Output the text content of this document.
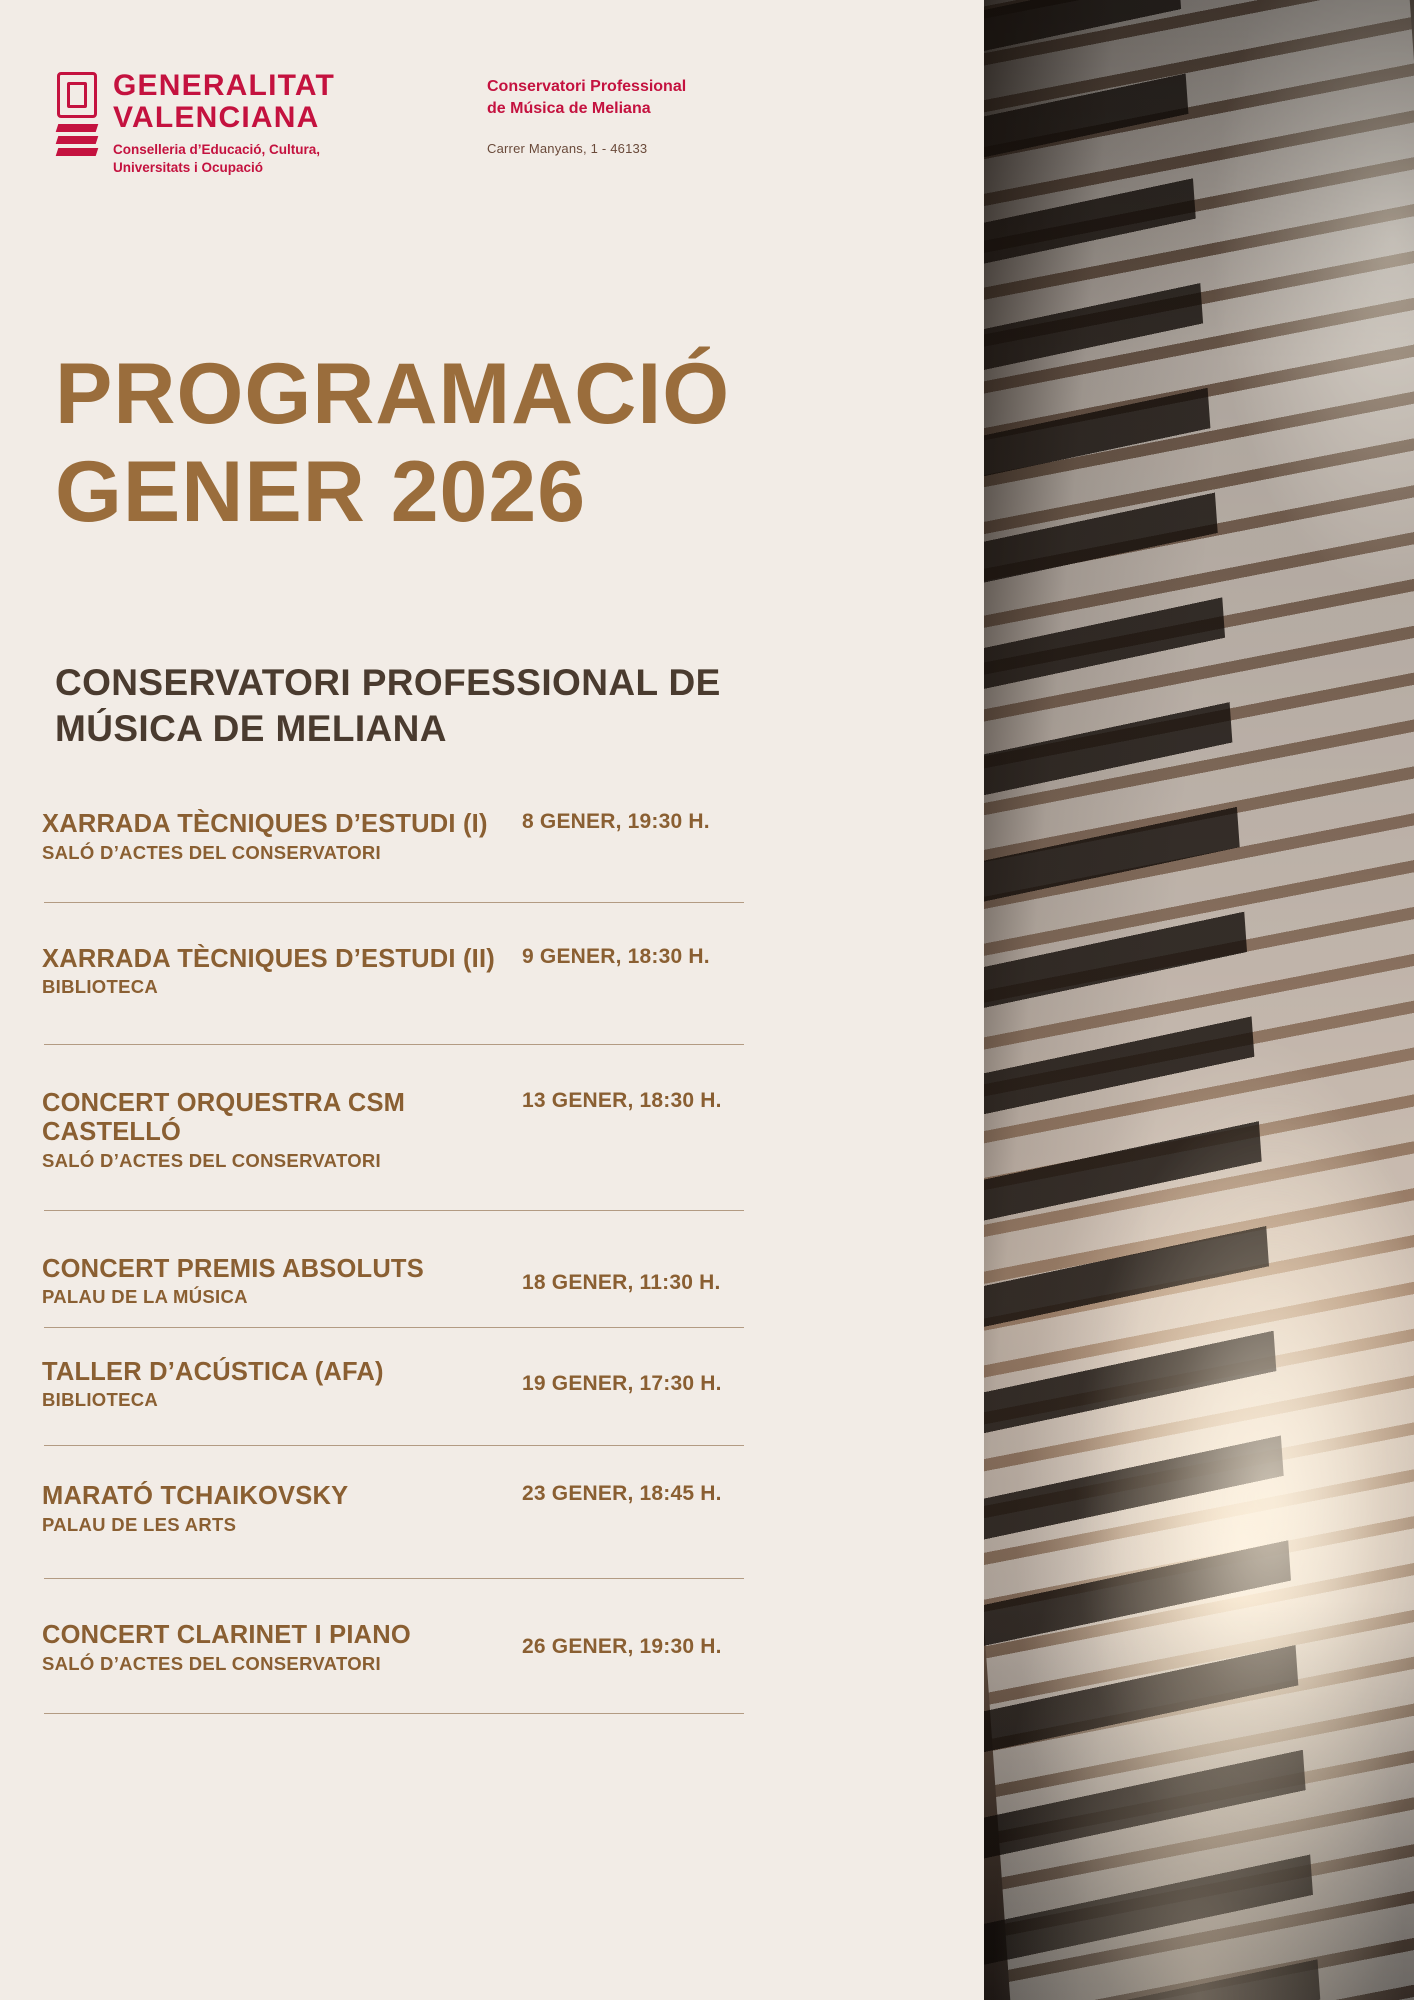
GENERALITAT
VALENCIANA
Conselleria d’Educació, Cultura,
Universitats i Ocupació
Conservatori Professional
de Música de Meliana
Carrer Manyans, 1 - 46133
PROGRAMACIÓ
GENER 2026
CONSERVATORI PROFESSIONAL DE
MÚSICA DE MELIANA
XARRADA TÈCNIQUES D’ESTUDI (I)
SALÓ D’ACTES DEL CONSERVATORI
8 GENER, 19:30 H.
XARRADA TÈCNIQUES D’ESTUDI (II)
BIBLIOTECA
9 GENER, 18:30 H.
CONCERT ORQUESTRA CSM CASTELLÓ
SALÓ D’ACTES DEL CONSERVATORI
13 GENER, 18:30 H.
CONCERT PREMIS ABSOLUTS
PALAU DE LA MÚSICA
18 GENER, 11:30 H.
TALLER D’ACÚSTICA (AFA)
BIBLIOTECA
19 GENER, 17:30 H.
MARATÓ TCHAIKOVSKY
PALAU DE LES ARTS
23 GENER, 18:45 H.
CONCERT CLARINET I PIANO
SALÓ D’ACTES DEL CONSERVATORI
26 GENER, 19:30 H.
